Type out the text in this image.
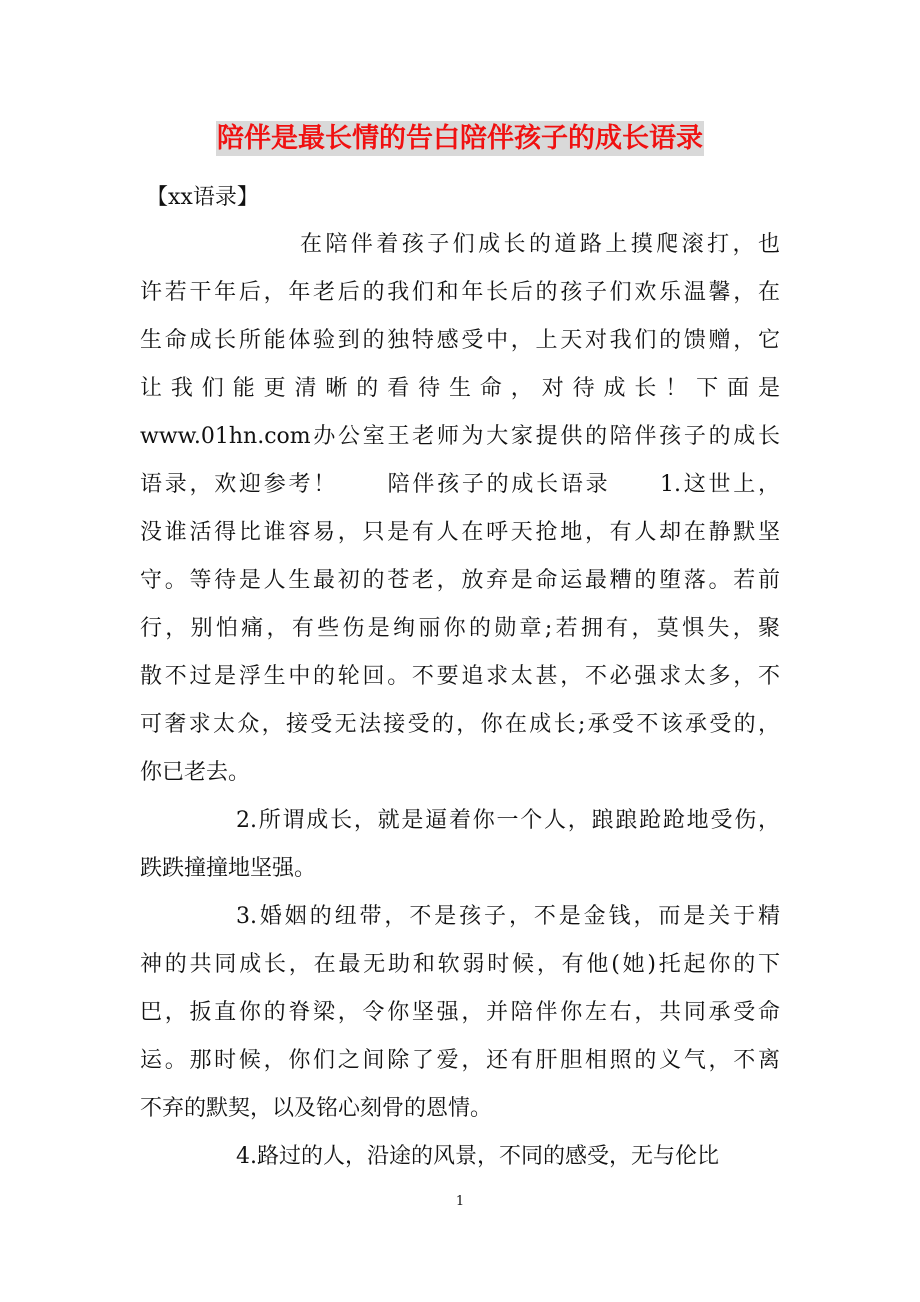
陪伴是最长情的告白陪伴孩子的成长语录
【xx语录】
在陪伴着孩子们成长的道路上摸爬滚打，也
许若干年后，年老后的我们和年长后的孩子们欢乐温馨，在
生命成长所能体验到的独特感受中，上天对我们的馈赠，它
让我们能更清晰的看待生命，对待成长！下面是
www.01hn.com办公室王老师为大家提供的陪伴孩子的成长
语录，欢迎参考！　　陪伴孩子的成长语录　　1.这世上，
没谁活得比谁容易，只是有人在呼天抢地，有人却在静默坚
守。等待是人生最初的苍老，放弃是命运最糟的堕落。若前
行，别怕痛，有些伤是绚丽你的勋章;若拥有，莫惧失，聚
散不过是浮生中的轮回。不要追求太甚，不必强求太多，不
可奢求太众，接受无法接受的，你在成长;承受不该承受的，
你已老去。
2.所谓成长，就是逼着你一个人，踉踉跄跄地受伤，
跌跌撞撞地坚强。
3.婚姻的纽带，不是孩子，不是金钱，而是关于精
神的共同成长，在最无助和软弱时候，有他(她)托起你的下
巴，扳直你的脊梁，令你坚强，并陪伴你左右，共同承受命
运。那时候，你们之间除了爱，还有肝胆相照的义气，不离
不弃的默契，以及铭心刻骨的恩情。
4.路过的人，沿途的风景，不同的感受，无与伦比
1
